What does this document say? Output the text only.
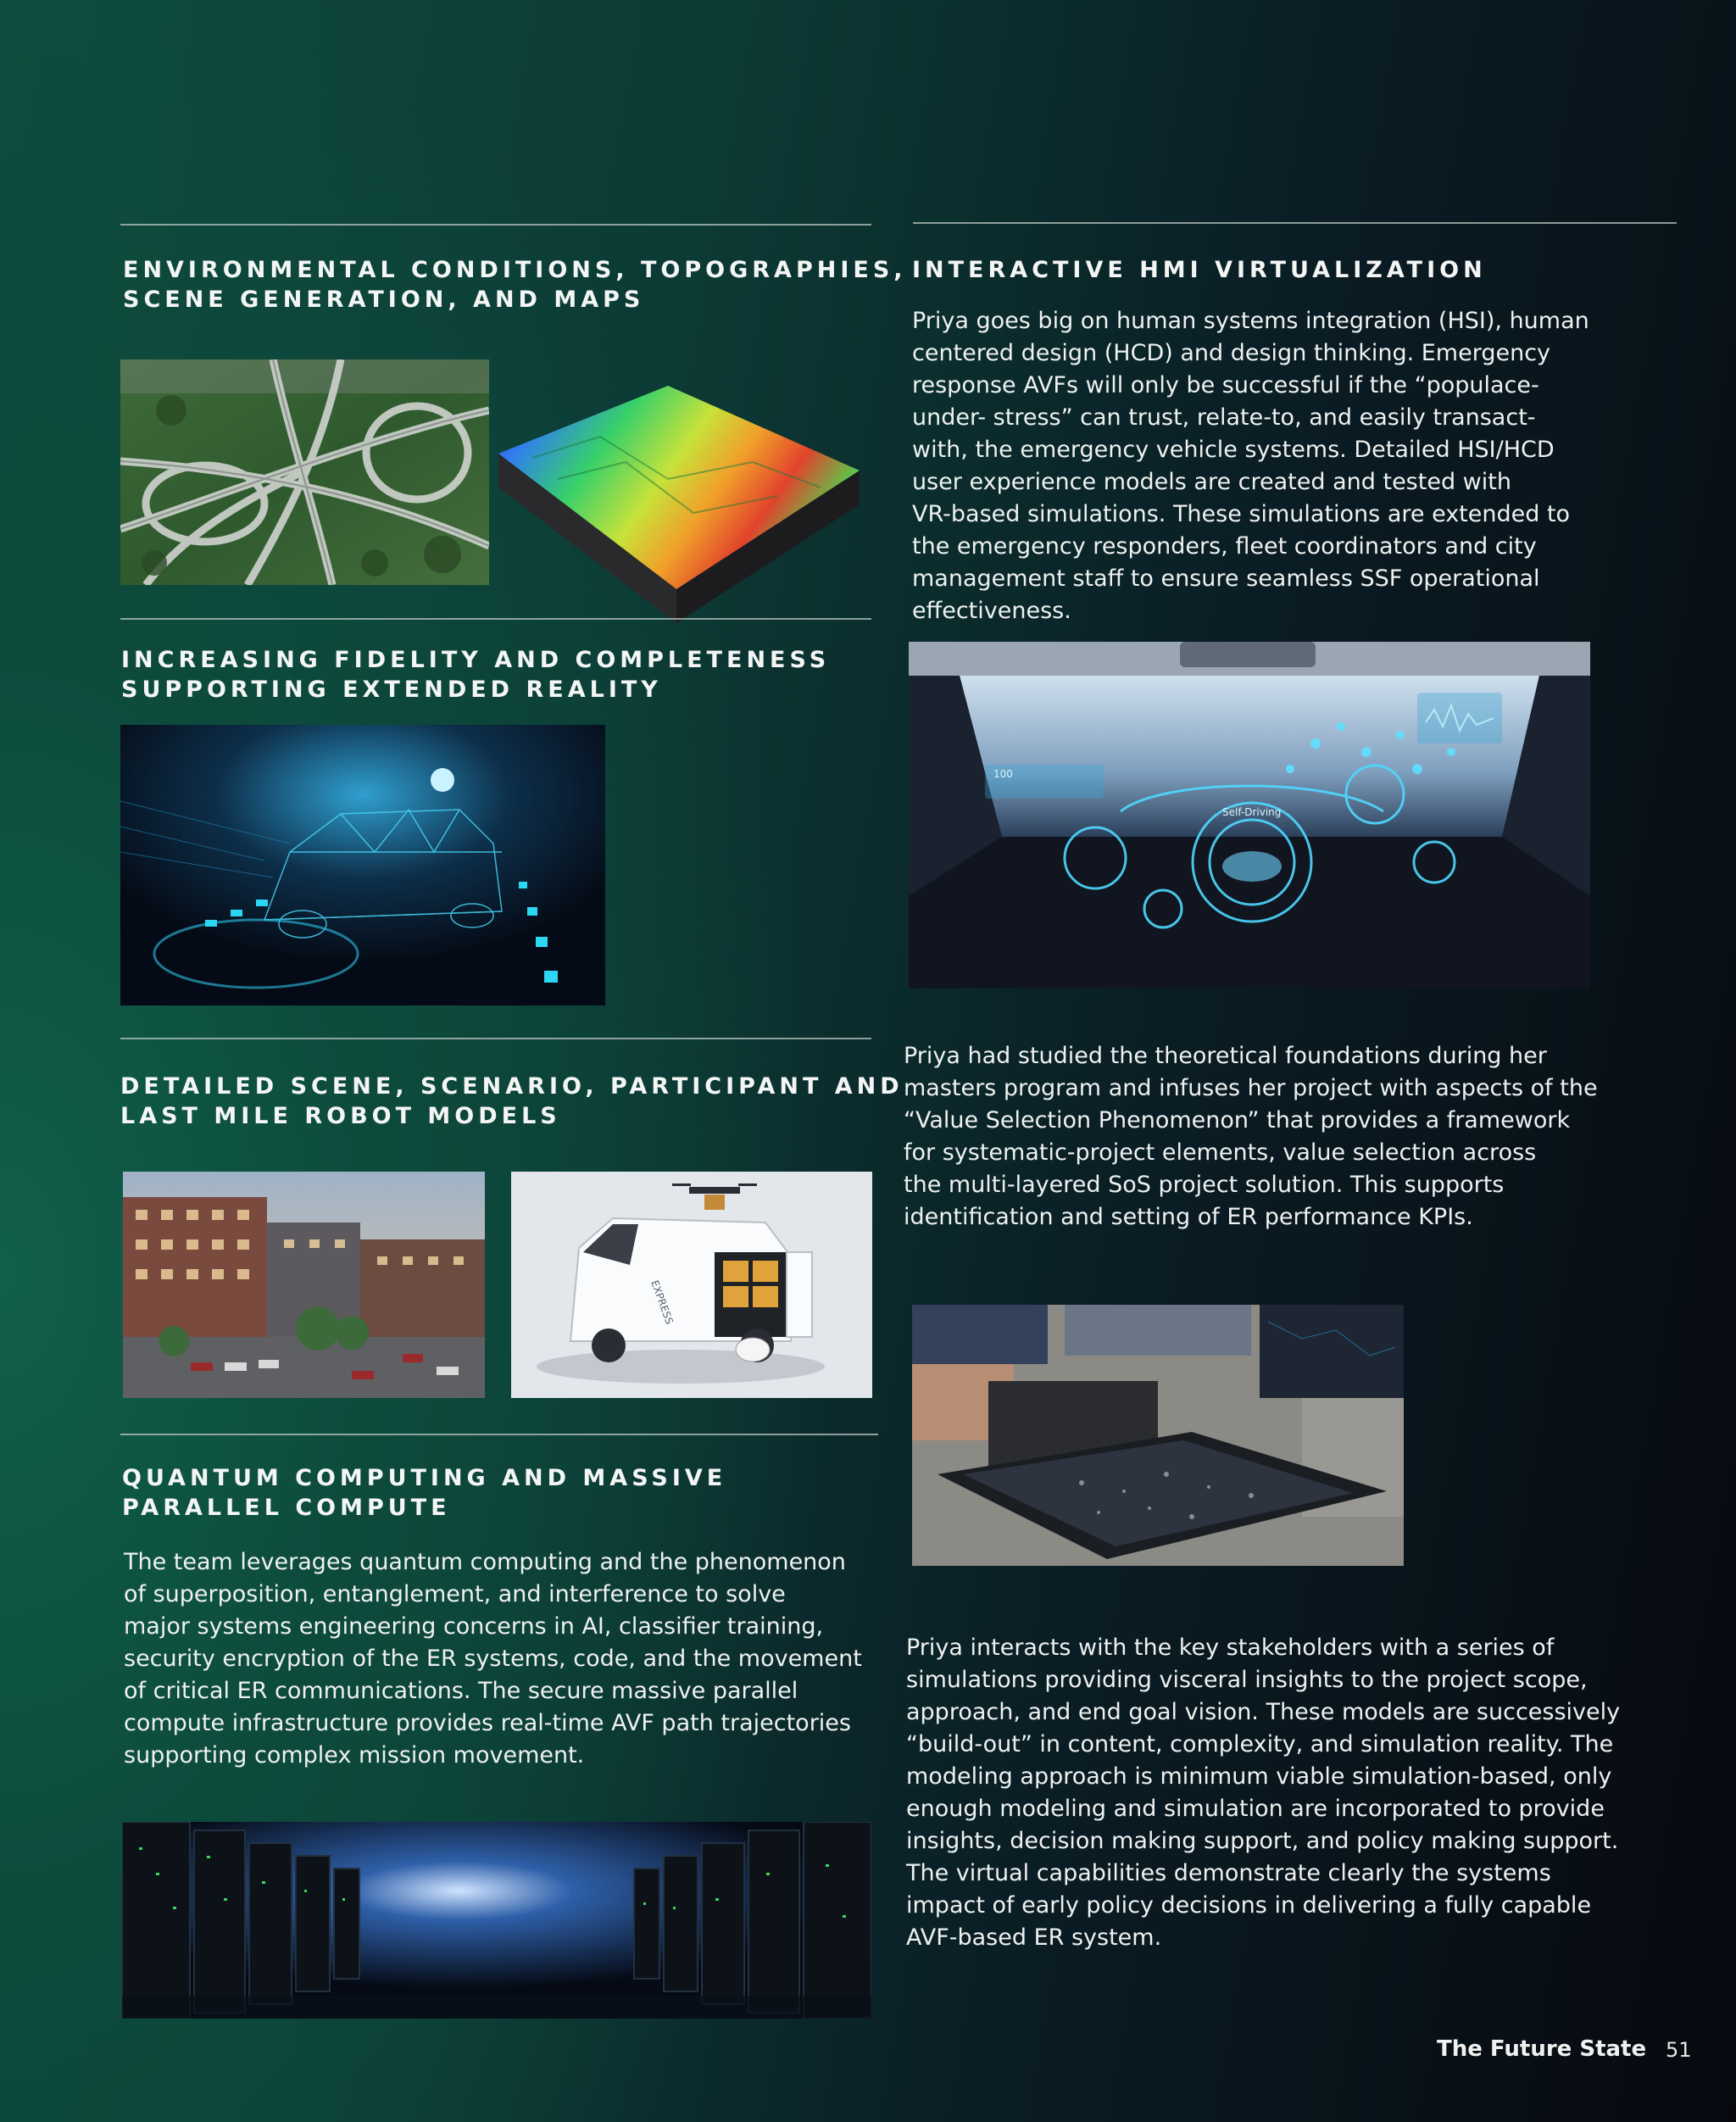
ENVIRONMENTAL CONDITIONS, TOPOGRAPHIES,
SCENE GENERATION, AND MAPS
INCREASING FIDELITY AND COMPLETENESS
SUPPORTING EXTENDED REALITY
DETAILED SCENE, SCENARIO, PARTICIPANT AND
LAST MILE ROBOT MODELS
EXPRESS
QUANTUM COMPUTING AND MASSIVE
PARALLEL COMPUTE
The team leverages quantum computing and the phenomenon
of superposition, entanglement, and interference to solve
major systems engineering concerns in AI, classifier training,
security encryption of the ER systems, code, and the movement
of critical ER communications. The secure massive parallel
compute infrastructure provides real-time AVF path trajectories
supporting complex mission movement.
INTERACTIVE HMI VIRTUALIZATION
Priya goes big on human systems integration (HSI), human
centered design (HCD) and design thinking. Emergency
response AVFs will only be successful if the “populace-
under- stress” can trust, relate-to, and easily transact-
with, the emergency vehicle systems. Detailed HSI/HCD
user experience models are created and tested with
VR-based simulations. These simulations are extended to
the emergency responders, fleet coordinators and city
management staff to ensure seamless SSF operational
effectiveness.
100
Self-Driving
Priya had studied the theoretical foundations during her
masters program and infuses her project with aspects of the
“Value Selection Phenomenon” that provides a framework
for systematic-project elements, value selection across
the multi-layered SoS project solution. This supports
identification and setting of ER performance KPIs.
Priya interacts with the key stakeholders with a series of
simulations providing visceral insights to the project scope,
approach, and end goal vision. These models are successively
“build-out” in content, complexity, and simulation reality. The
modeling approach is minimum viable simulation-based, only
enough modeling and simulation are incorporated to provide
insights, decision making support, and policy making support.
The virtual capabilities demonstrate clearly the systems
impact of early policy decisions in delivering a fully capable
AVF-based ER system.
The Future State 51
